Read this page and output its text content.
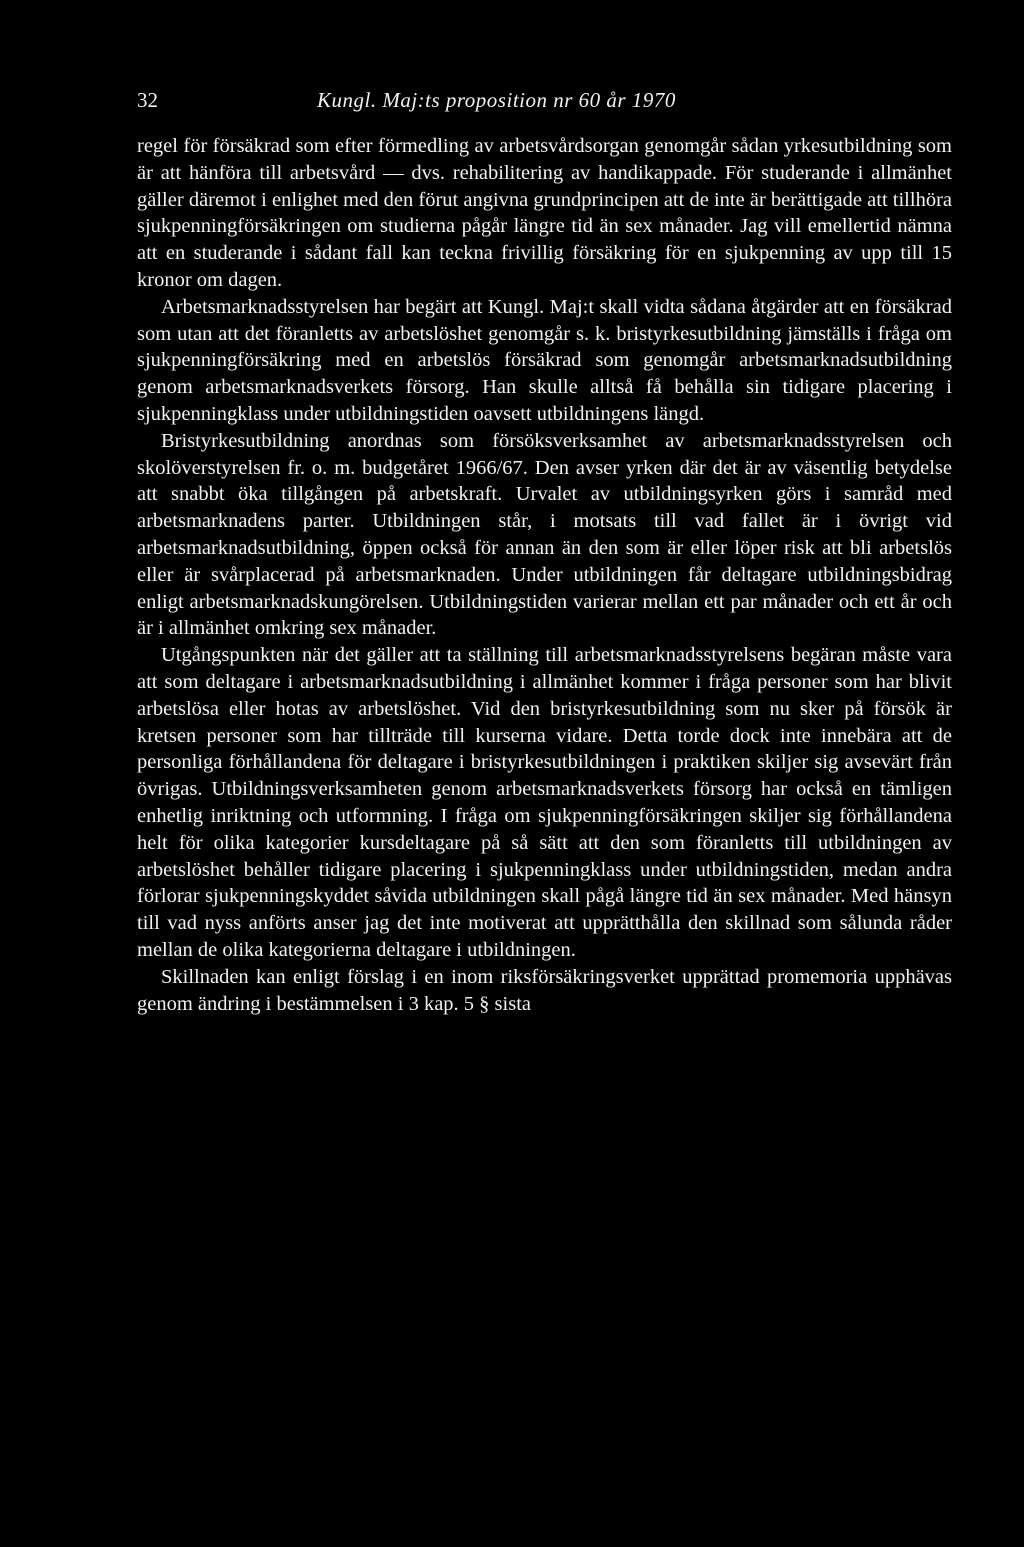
32	Kungl. Maj:ts proposition nr 60 år 1970

regel för försäkrad som efter förmedling av arbetsvårdsorgan genomgår sådan yrkesutbildning som är att hänföra till arbetsvård — dvs. rehabilitering av handikappade. För studerande i allmänhet gäller däremot i enlighet med den förut angivna grundprincipen att de inte är berättigade att tillhöra sjukpenningförsäkringen om studierna pågår längre tid än sex månader. Jag vill emellertid nämna att en studerande i sådant fall kan teckna frivillig försäkring för en sjukpenning av upp till 15 kronor om dagen.

Arbetsmarknadsstyrelsen har begärt att Kungl. Maj:t skall vidta sådana åtgärder att en försäkrad som utan att det föranletts av arbetslöshet genomgår s. k. bristyrkesutbildning jämställs i fråga om sjukpenningförsäkring med en arbetslös försäkrad som genomgår arbetsmarknadsutbildning genom arbetsmarknadsverkets försorg. Han skulle alltså få behålla sin tidigare placering i sjukpenningklass under utbildningstiden oavsett utbildningens längd.

Bristyrkesutbildning anordnas som försöksverksamhet av arbetsmarknadsstyrelsen och skolöverstyrelsen fr. o. m. budgetåret 1966/67. Den avser yrken där det är av väsentlig betydelse att snabbt öka tillgången på arbetskraft. Urvalet av utbildningsyrken görs i samråd med arbetsmarknadens parter. Utbildningen står, i motsats till vad fallet är i övrigt vid arbetsmarknadsutbildning, öppen också för annan än den som är eller löper risk att bli arbetslös eller är svårplacerad på arbetsmarknaden. Under utbildningen får deltagare utbildningsbidrag enligt arbetsmarknadskungörelsen. Utbildningstiden varierar mellan ett par månader och ett år och är i allmänhet omkring sex månader.

Utgångspunkten när det gäller att ta ställning till arbetsmarknadsstyrelsens begäran måste vara att som deltagare i arbetsmarknadsutbildning i allmänhet kommer i fråga personer som har blivit arbetslösa eller hotas av arbetslöshet. Vid den bristyrkesutbildning som nu sker på försök är kretsen personer som har tillträde till kurserna vidare. Detta torde dock inte innebära att de personliga förhållandena för deltagare i bristyrkesutbildningen i praktiken skiljer sig avsevärt från övrigas. Utbildningsverksamheten genom arbetsmarknadsverkets försorg har också en tämligen enhetlig inriktning och utformning. I fråga om sjukpenningförsäkringen skiljer sig förhållandena helt för olika kategorier kursdeltagare på så sätt att den som föranletts till utbildningen av arbetslöshet behåller tidigare placering i sjukpenningklass under utbildningstiden, medan andra förlorar sjukpenningskyddet såvida utbildningen skall pågå längre tid än sex månader. Med hänsyn till vad nyss anförts anser jag det inte motiverat att upprätthålla den skillnad som sålunda råder mellan de olika kategorierna deltagare i utbildningen.

Skillnaden kan enligt förslag i en inom riksförsäkringsverket upprättad promemoria upphävas genom ändring i bestämmelsen i 3 kap. 5 § sista
